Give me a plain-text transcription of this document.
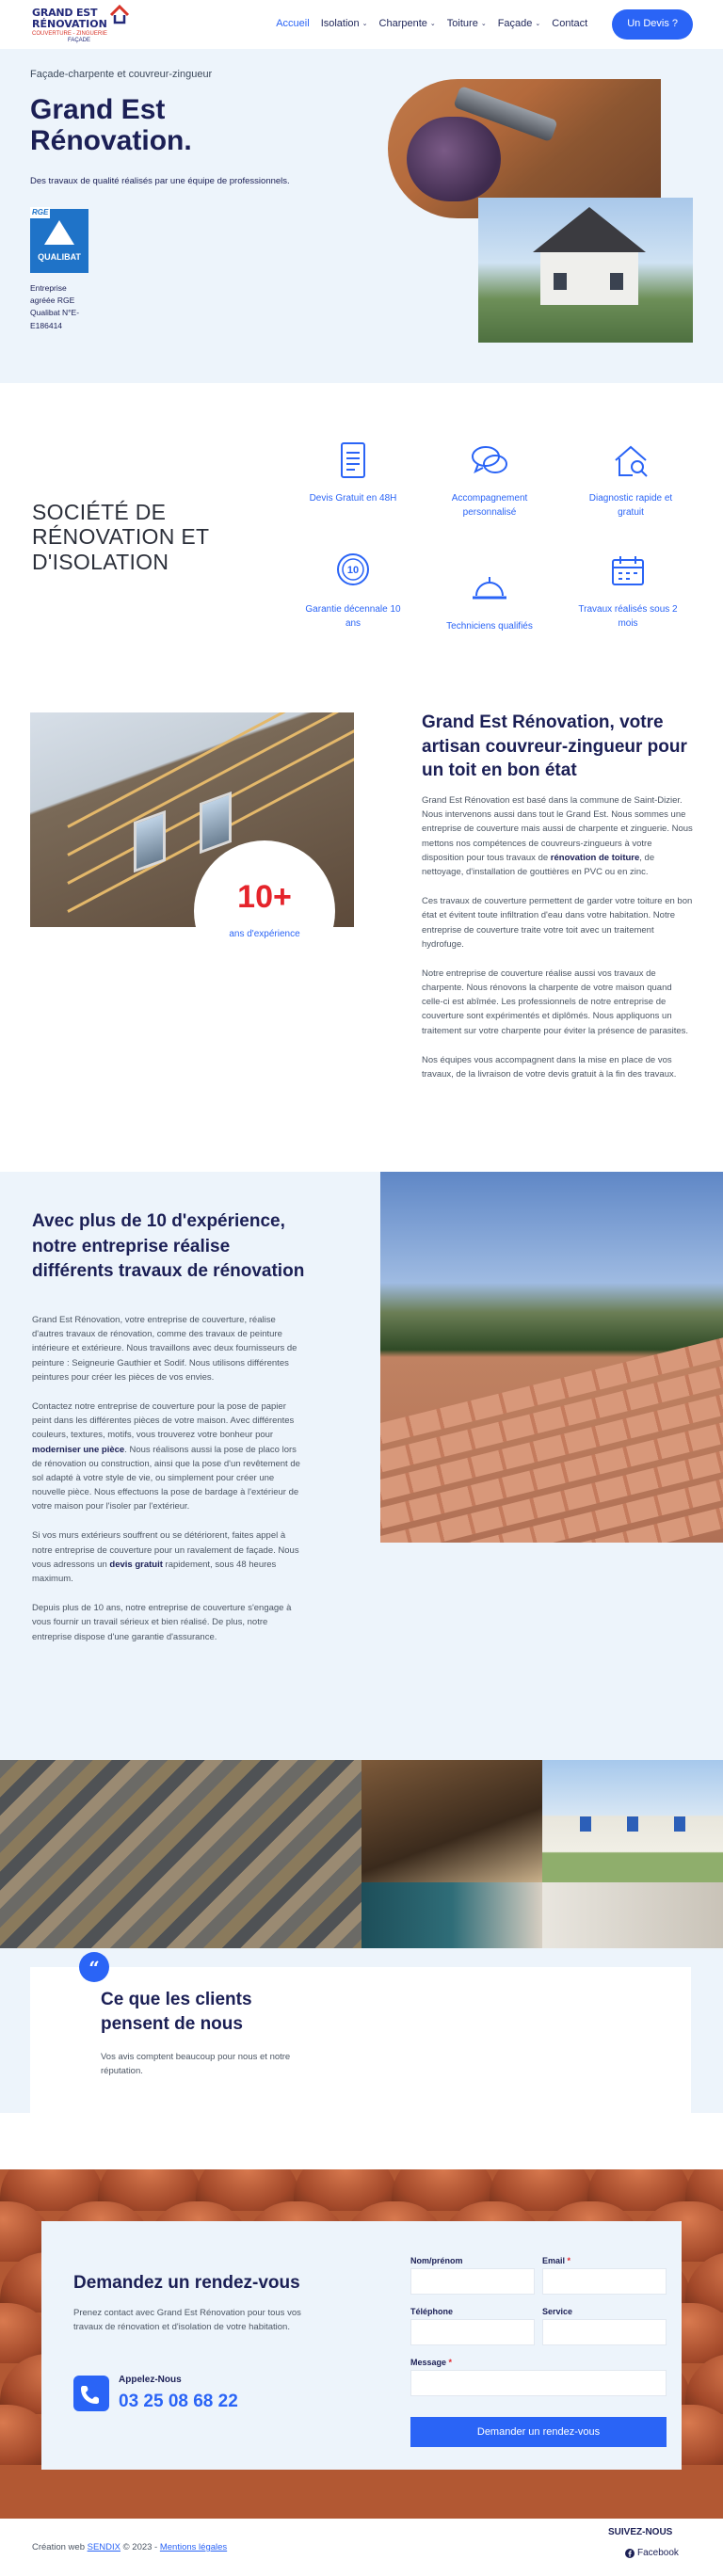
GRAND EST
RÉNOVATION
COUVERTURE - ZINGUERIE
FAÇADE
Accueil Isolation ⌄ Charpente ⌄ Toiture ⌄ Façade ⌄ Contact	Un Devis ?
Façade-charpente et couvreur-zingueur
Grand Est Rénovation.
Des travaux de qualité réalisés par une équipe de professionnels.
RGE
QUALIBAT
Entreprise agréée RGE Qualibat N°E-E186414
SOCIÉTÉ DE RÉNOVATION ET D'ISOLATION
Devis Gratuit en 48H	Accompagnement personnalisé
Diagnostic rapide et gratuit
10
Garantie décennale 10 ans	Techniciens qualifiés
Travaux réalisés sous 2 mois
10+
ans d'expérience
Grand Est Rénovation, votre artisan couvreur-zingueur pour un toit en bon état

Grand Est Rénovation est basé dans la commune de Saint-Dizier. Nous intervenons aussi dans tout le Grand Est. Nous sommes une entreprise de couverture mais aussi de charpente et zinguerie. Nous mettons nos compétences de couvreurs-zingueurs à votre disposition pour tous travaux de rénovation de toiture, de nettoyage, d'installation de gouttières en PVC ou en zinc.

Ces travaux de couverture permettent de garder votre toiture en bon état et évitent toute infiltration d'eau dans votre habitation. Notre entreprise de couverture traite votre toit avec un traitement hydrofuge.

Notre entreprise de couverture réalise aussi vos travaux de charpente. Nous rénovons la charpente de votre maison quand celle-ci est abîmée. Les professionnels de notre entreprise de couverture sont expérimentés et diplômés. Nous appliquons un traitement sur votre charpente pour éviter la présence de parasites.

Nos équipes vous accompagnent dans la mise en place de vos travaux, de la livraison de votre devis gratuit à la fin des travaux.

Avec plus de 10 d'expérience, notre entreprise réalise différents travaux de rénovation

Grand Est Rénovation, votre entreprise de couverture, réalise d'autres travaux de rénovation, comme des travaux de peinture intérieure et extérieure. Nous travaillons avec deux fournisseurs de peinture : Seigneurie Gauthier et Sodif. Nous utilisons différentes peintures pour créer les pièces de vos envies.

Contactez notre entreprise de couverture pour la pose de papier peint dans les différentes pièces de votre maison. Avec différentes couleurs, textures, motifs, vous trouverez votre bonheur pour moderniser une pièce. Nous réalisons aussi la pose de placo lors de rénovation ou construction, ainsi que la pose d'un revêtement de sol adapté à votre style de vie, ou simplement pour créer une nouvelle pièce. Nous effectuons la pose de bardage à l'extérieur de votre maison pour l'isoler par l'extérieur.

Si vos murs extérieurs souffrent ou se détériorent, faites appel à notre entreprise de couverture pour un ravalement de façade. Nous vous adressons un devis gratuit rapidement, sous 48 heures maximum.

Depuis plus de 10 ans, notre entreprise de couverture s'engage à vous fournir un travail sérieux et bien réalisé. De plus, notre entreprise dispose d'une garantie d'assurance.

“
Ce que les clients pensent de nous

Vos avis comptent beaucoup pour nous et notre réputation.

Demandez un rendez-vous
Prenez contact avec Grand Est Rénovation pour tous vos travaux de rénovation et d'isolation de votre habitation.
Appelez-Nous
03 25 08 68 22
Nom/prénom	Email *
Téléphone	Service
Message *
Demander un rendez-vous
Création web SENDIX © 2023 - Mentions légales
SUIVEZ-NOUS
Facebook
